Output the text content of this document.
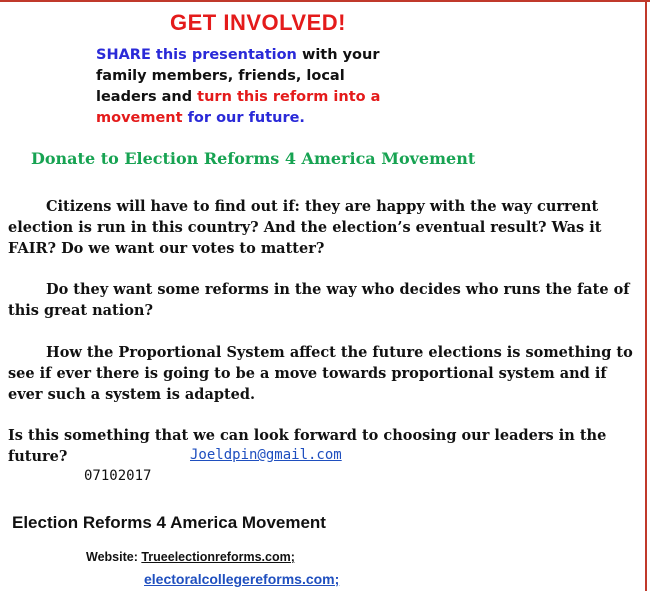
GET INVOLVED!
SHARE this presentation with your
family members, friends, local
leaders and turn this reform into a
movement for our future.
Donate to Election Reforms 4 America Movement

Citizens will have to find out if: they are happy with the way current election is run in this country? And the election’s eventual result? Was it FAIR? Do we want our votes to matter?

Do they want some reforms in the way who decides who runs the fate of this great nation?

How the Proportional System affect the future elections is something to see if ever there is going to be a move towards proportional system and if ever such a system is adapted.

Is this something that we can look forward to choosing our leaders in the future?	Joeldpin@gmail.com
07102017
Election Reforms 4 America Movement
Website: Trueelectionreforms.com;
electoralcollegereforms.com;
